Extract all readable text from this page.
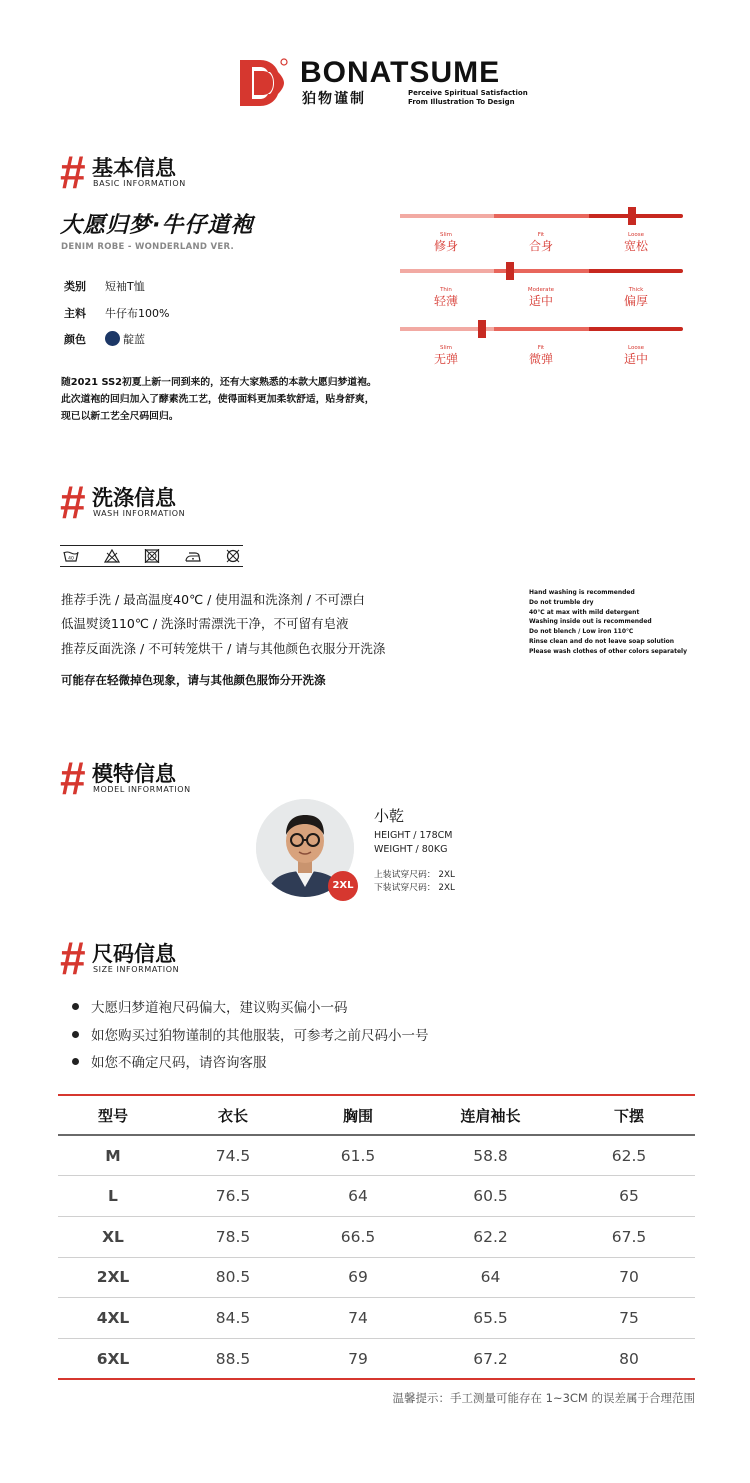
BONATSUME
狛物谨制	Perceive Spiritual Satisfaction
From Illustration To Design
# 基本信息
BASIC INFORMATION
大愿归梦·牛仔道袍
DENIM ROBE - WONDERLAND VER.
类别 短袖T恤
主料 牛仔布100%
颜色	靛蓝
随2021 SS2初夏上新一同到来的，还有大家熟悉的本款大愿归梦道袍。
此次道袍的回归加入了酵素洗工艺，使得面料更加柔软舒适，贴身舒爽，
现已以新工艺全尺码回归。
Slim
修身
Fit
合身
Loose
宽松
Thin
轻薄
Moderate
适中
Thick
偏厚
Slim
无弹
Fit
微弹
Loose
适中
# 洗涤信息
WASH INFORMATION
40
推荐手洗 / 最高温度40℃ / 使用温和洗涤剂 / 不可漂白
低温熨烫110℃ / 洗涤时需漂洗干净，不可留有皂液
推荐反面洗涤 / 不可转笼烘干 / 请与其他颜色衣服分开洗涤
可能存在轻微掉色现象，请与其他颜色服饰分开洗涤
Hand washing is recommended
Do not trumble dry
40℃ at max with mild detergent
Washing inside out is recommended
Do not blench / Low iron 110℃
Rinse clean and do not leave soap solution
Please wash clothes of other colors separately
# 模特信息
MODEL INFORMATION
2XL
小乾
HEIGHT / 178CM
WEIGHT / 80KG
上装试穿尺码： 2XL
下装试穿尺码： 2XL
# 尺码信息
SIZE INFORMATION
大愿归梦道袍尺码偏大，建议购买偏小一码
如您购买过狛物谨制的其他服装，可参考之前尺码小一号
如您不确定尺码，请咨询客服
型号	衣长	胸围	连肩袖长	下摆
M	74.5	61.5	58.8	62.5
L	76.5	64	60.5	65
XL	78.5	66.5	62.2	67.5
2XL	80.5	69	64	70
4XL	84.5	74	65.5	75
6XL	88.5	79	67.2	80
温馨提示：手工测量可能存在 1~3CM 的误差属于合理范围
